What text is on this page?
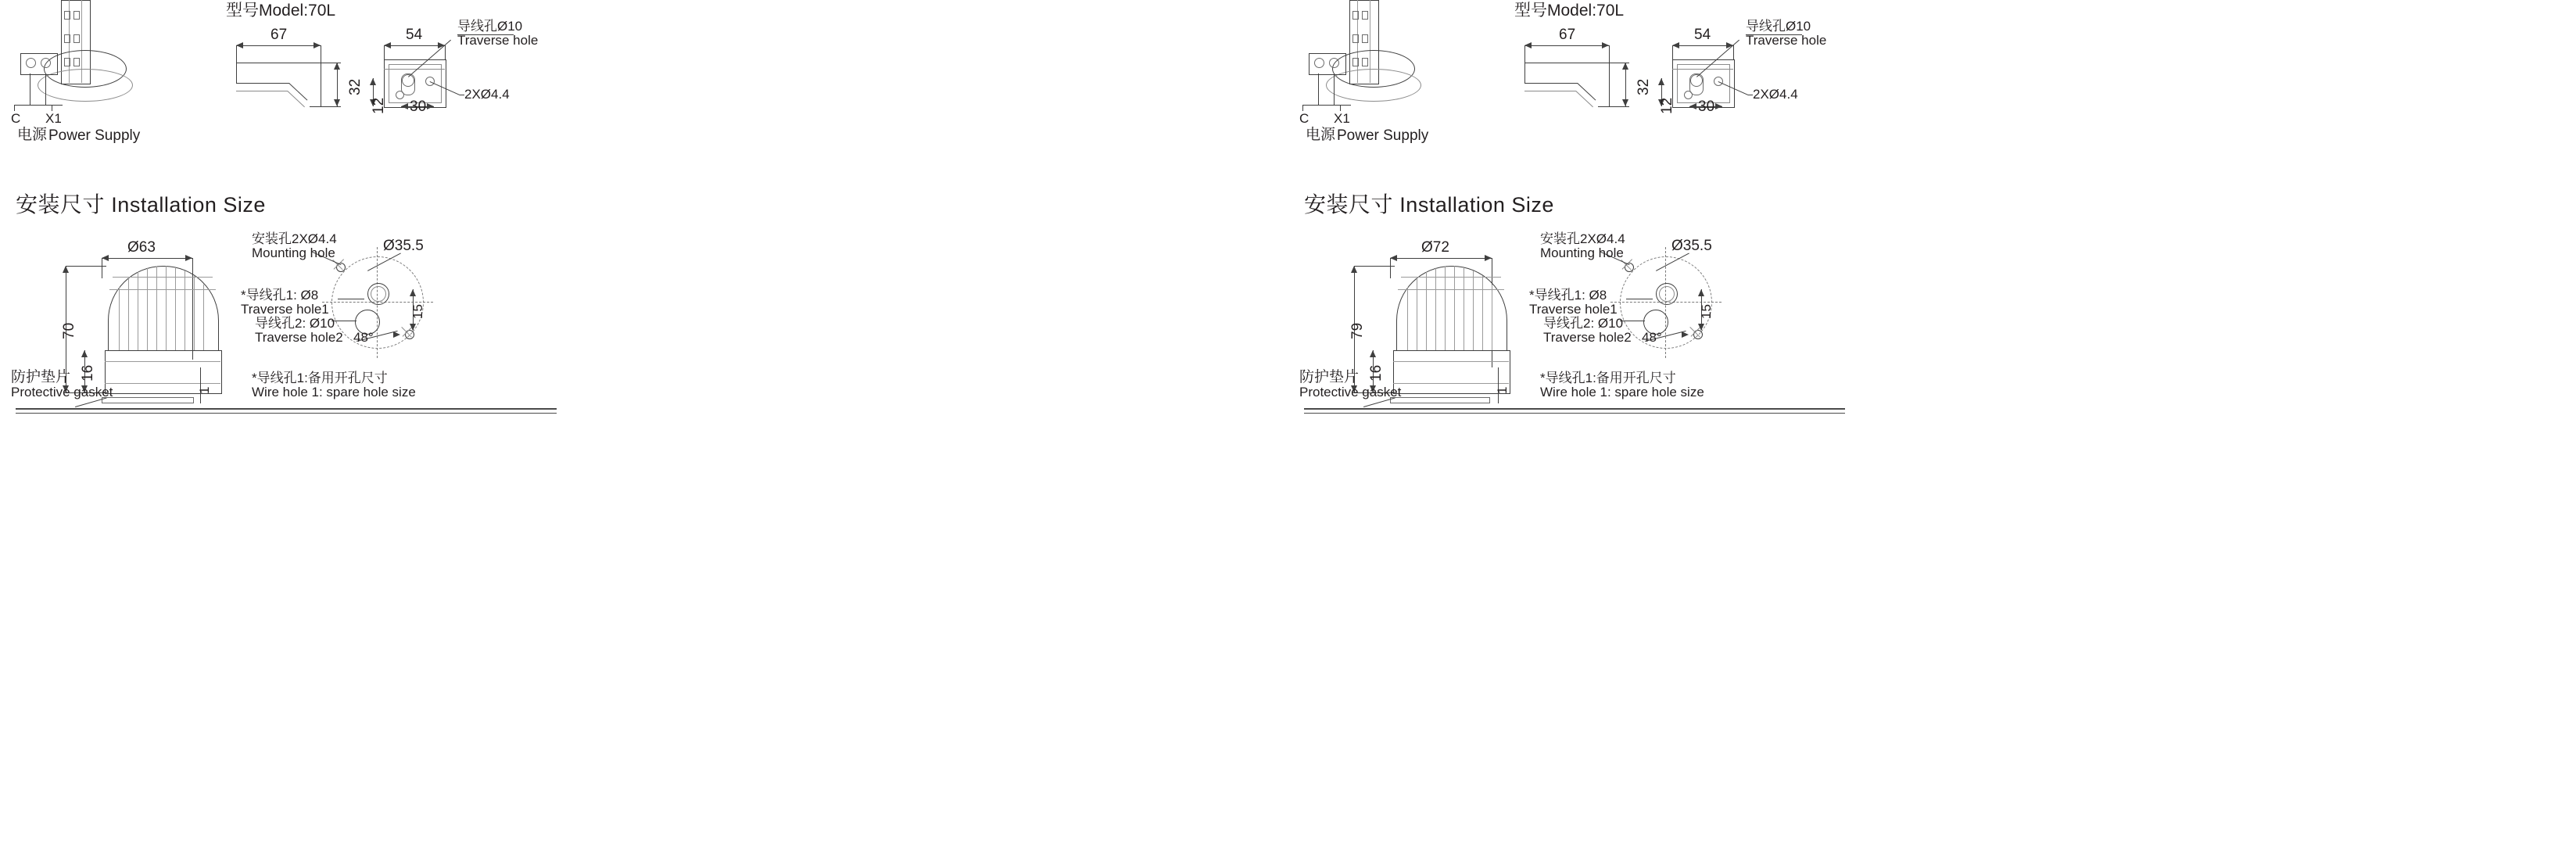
C X1
电源 Power Supply
型号Model:70L
67
32
54
导线孔Ø10
Traverse hole
2XØ4.4
30
12
安装尺寸 Installation Size
Ø63
70
16
防护垫片
Protective gasket	1
安装孔2XØ4.4
Mounting hole	Ø35.5
*导线孔1: Ø8
Traverse hole1
导线孔2: Ø10
Traverse hole2
15
48°
*导线孔1:备用开孔尺寸
Wire hole 1: spare hole size
C X1
电源 Power Supply
型号Model:70L
67
32
54
导线孔Ø10
Traverse hole
2XØ4.4
30
12
安装尺寸 Installation Size
Ø72
79
16
防护垫片
Protective gasket	1
安装孔2XØ4.4
Mounting hole	Ø35.5
*导线孔1: Ø8
Traverse hole1
导线孔2: Ø10
Traverse hole2
15
48°
*导线孔1:备用开孔尺寸
Wire hole 1: spare hole size
